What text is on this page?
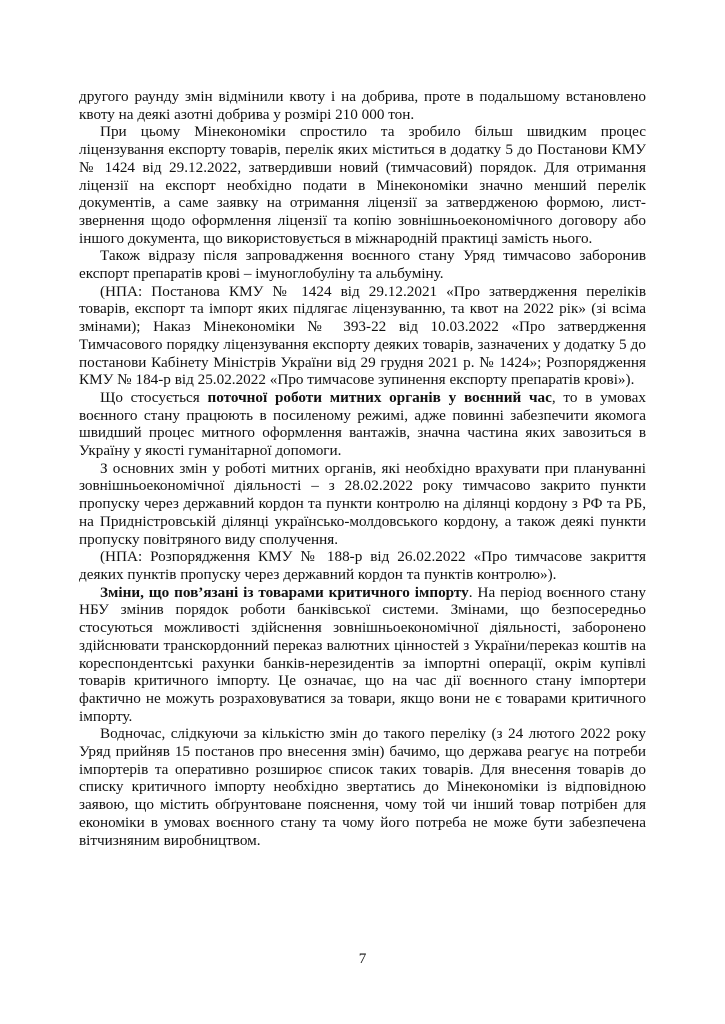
другого раунду змін відмінили квоту і на добрива, проте в подальшому встановлено квоту на деякі азотні добрива у розмірі 210 000 тон.

При цьому Мінекономіки спростило та зробило більш швидким процес ліцензування експорту товарів, перелік яких міститься в додатку 5 до Постанови КМУ № 1424 від 29.12.2022, затвердивши новий (тимчасовий) порядок. Для отримання ліцензії на експорт необхідно подати в Мінекономіки значно менший перелік документів, а саме заявку на отримання ліцензії за затвердженою формою, лист-звернення щодо оформлення ліцензії та копію зовнішньоекономічного договору або іншого документа, що використовується в міжнародній практиці замість нього.

Також відразу після запровадження воєнного стану Уряд тимчасово заборонив експорт препаратів крові – імуноглобуліну та альбуміну.

(НПА: Постанова КМУ № 1424 від 29.12.2021 «Про затвердження переліків товарів, експорт та імпорт яких підлягає ліцензуванню, та квот на 2022 рік» (зі всіма змінами); Наказ Мінекономіки № 393-22 від 10.03.2022 «Про затвердження Тимчасового порядку ліцензування експорту деяких товарів, зазначених у додатку 5 до постанови Кабінету Міністрів України від 29 грудня 2021 р. № 1424»; Розпорядження КМУ № 184-р від 25.02.2022 «Про тимчасове зупинення експорту препаратів крові»).

Що стосується поточної роботи митних органів у воєнний час, то в умовах воєнного стану працюють в посиленому режимі, адже повинні забезпечити якомога швидший процес митного оформлення вантажів, значна частина яких завозиться в Україну у якості гуманітарної допомоги.

З основних змін у роботі митних органів, які необхідно врахувати при плануванні зовнішньоекономічної діяльності – з 28.02.2022 року тимчасово закрито пункти пропуску через державний кордон та пункти контролю на ділянці кордону з РФ та РБ, на Придністровській ділянці українсько-молдовського кордону, а також деякі пункти пропуску повітряного виду сполучення.

(НПА: Розпорядження КМУ № 188-р від 26.02.2022 «Про тимчасове закриття деяких пунктів пропуску через державний кордон та пунктів контролю»).

Зміни, що пов’язані із товарами критичного імпорту. На період воєнного стану НБУ змінив порядок роботи банківської системи. Змінами, що безпосередньо стосуються можливості здійснення зовнішньоекономічної діяльності, заборонено здійснювати транскордонний переказ валютних цінностей з України/переказ коштів на кореспондентські рахунки банків-нерезидентів за імпортні операції, окрім купівлі товарів критичного імпорту. Це означає, що на час дії воєнного стану імпортери фактично не можуть розраховуватися за товари, якщо вони не є товарами критичного імпорту.

Водночас, слідкуючи за кількістю змін до такого переліку (з 24 лютого 2022 року Уряд прийняв 15 постанов про внесення змін) бачимо, що держава реагує на потреби імпортерів та оперативно розширює список таких товарів. Для внесення товарів до списку критичного імпорту необхідно звертатись до Мінекономіки із відповідною заявою, що містить обґрунтоване пояснення, чому той чи інший товар потрібен для економіки в умовах воєнного стану та чому його потреба не може бути забезпечена вітчизняним виробництвом.

7
